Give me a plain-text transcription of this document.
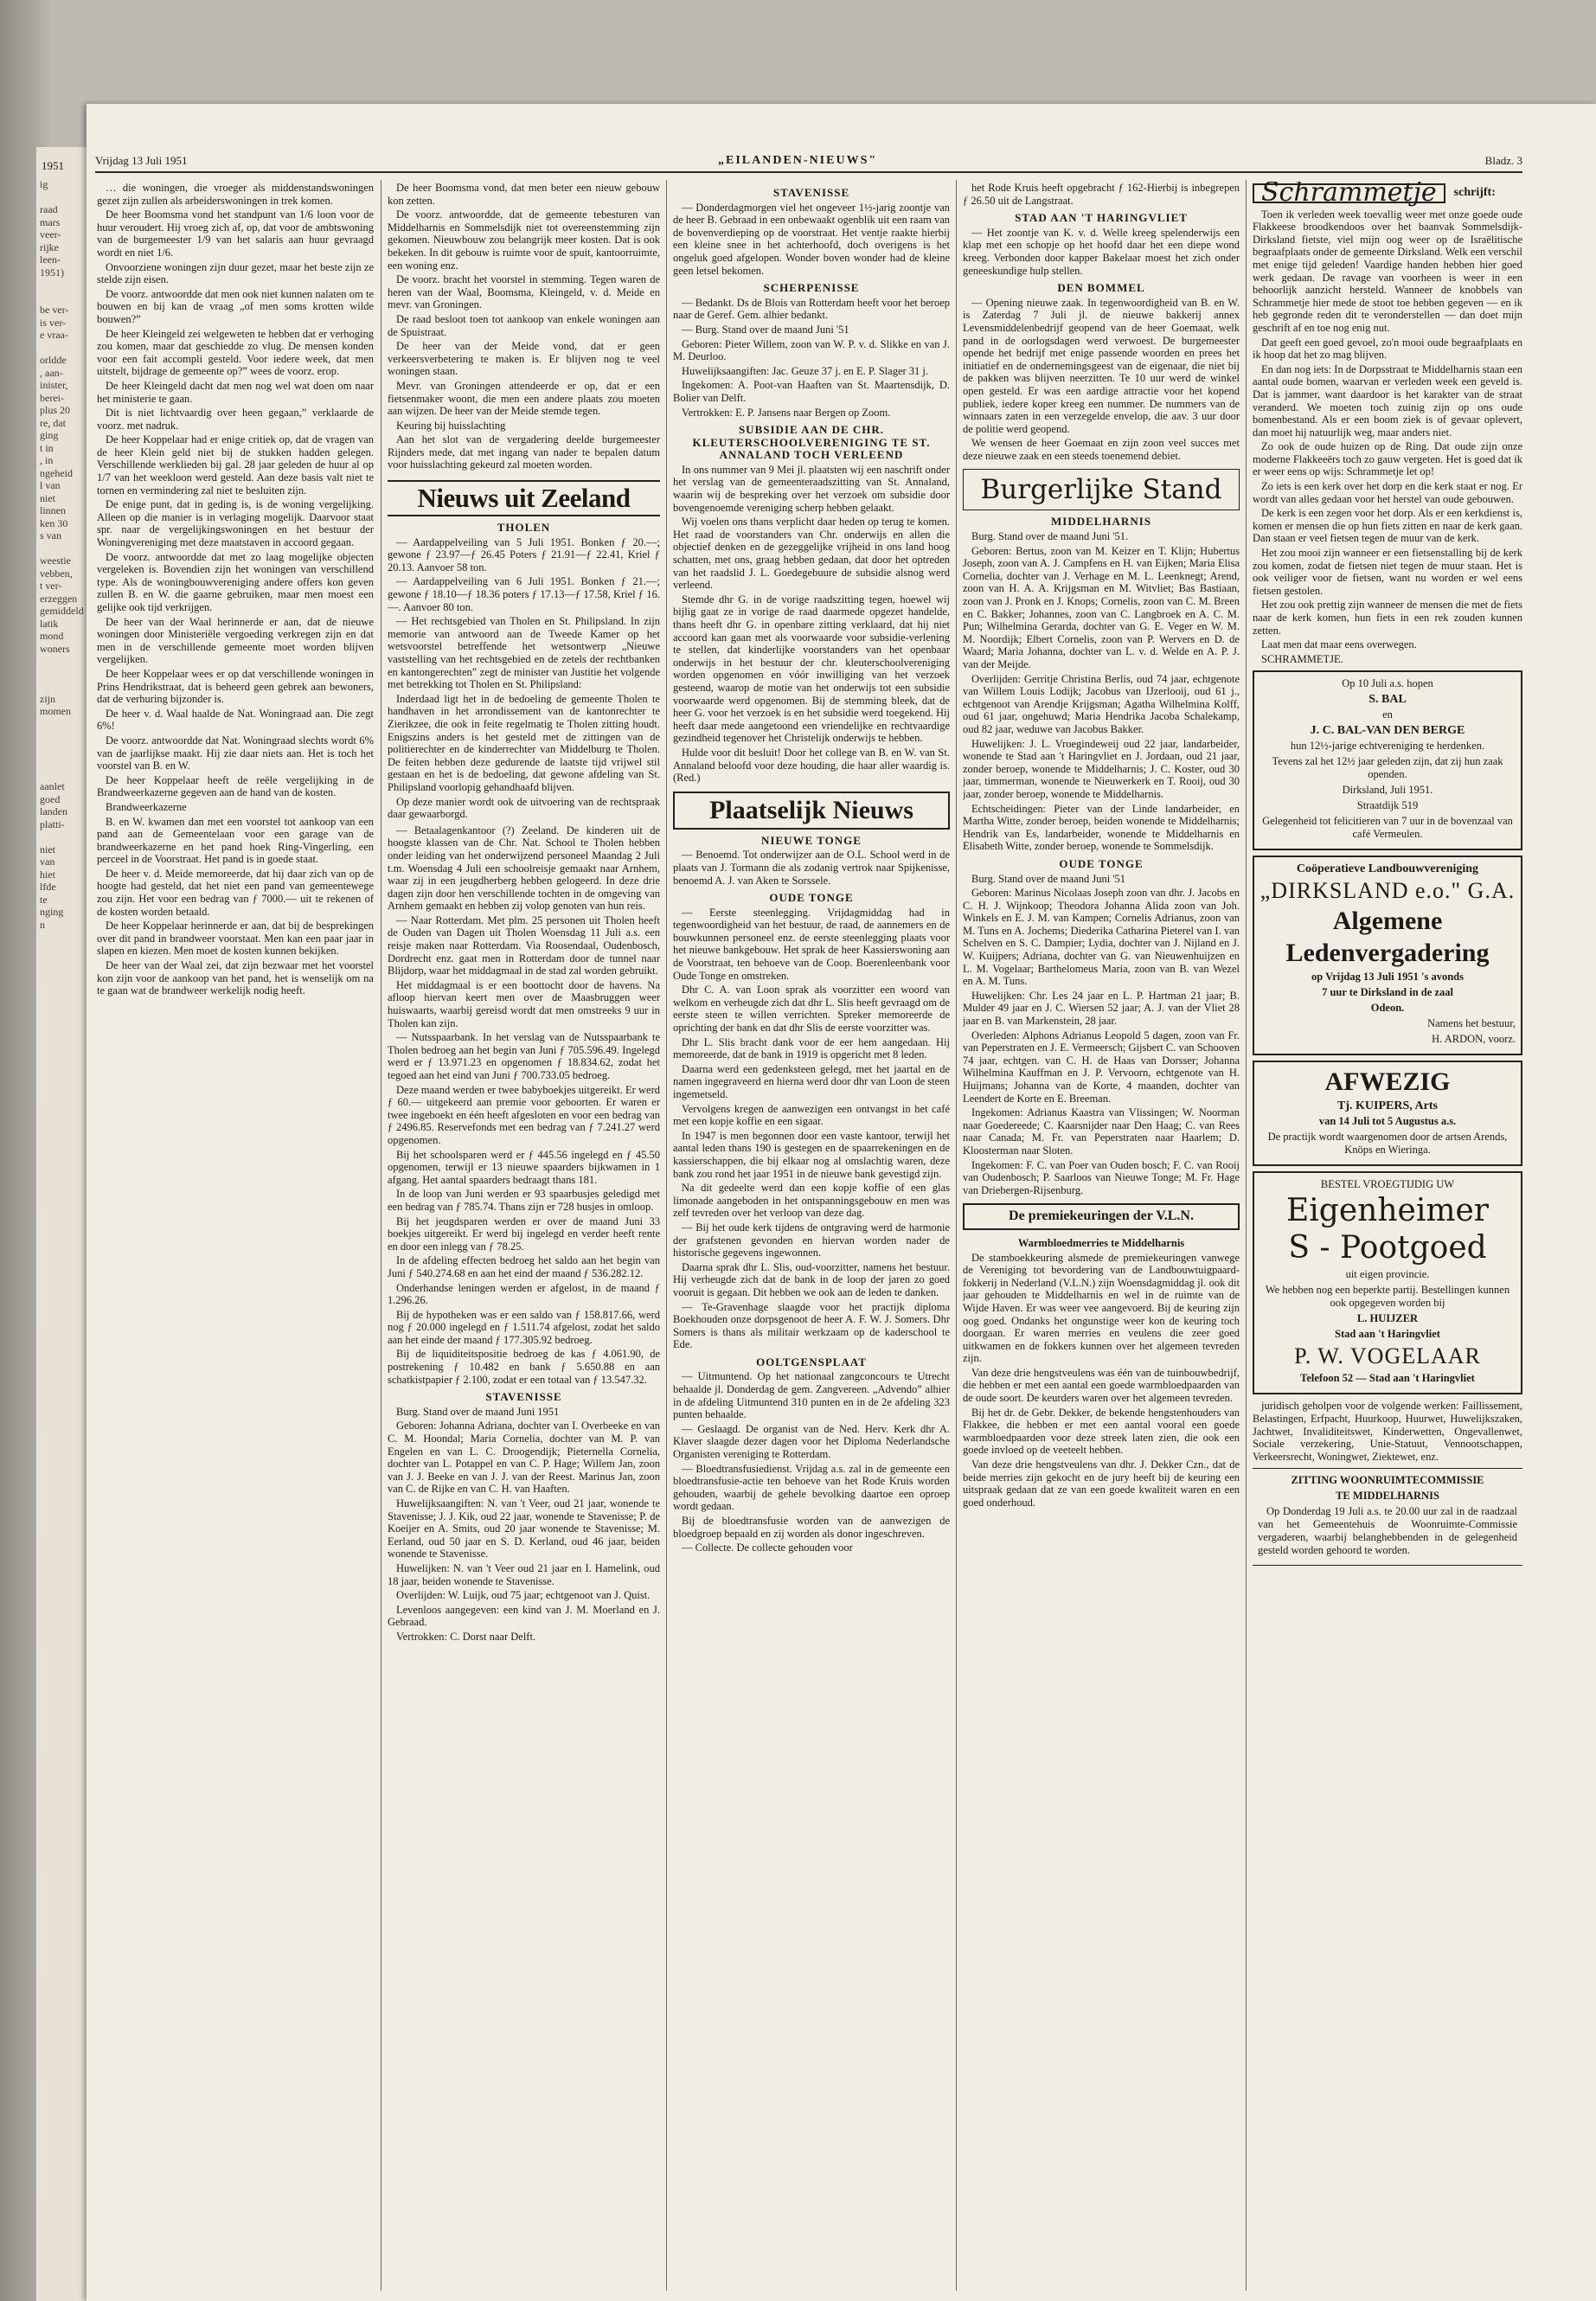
1951
ig

raad
mars
veer-
rijke
leen-
1951)

be ver-
is ver-
e vraa-

orldde
, aan-
inister,
berei-
plus 20
re, dat
ging
t in
, in
ngeheid
l van
niet
linnen
ken 30
s van

weestie
vebben,
t ver-
erzeggen
gemiddeld
latik
mond
woners

zijn
momen

aanlet
goed
landen
platti-

niet
van
hiet
lfde
te
nging
n
Vrijdag 13 Juli 1951	„EILANDEN-NIEUWS"	Bladz. 3

… die woningen, die vroeger als middenstandswoningen gezet zijn zullen als arbeiderswoningen in trek komen.

De heer Boomsma vond het standpunt van 1/6 loon voor de huur veroudert. Hij vroeg zich af, op, dat voor de ambtswoning van de burgemeester 1/9 van het salaris aan huur gevraagd wordt en niet 1/6.

Onvoorziene woningen zijn duur gezet, maar het beste zijn ze stelde zijn eisen.

De voorz. antwoordde dat men ook niet kunnen nalaten om te bouwen en bij kan de vraag „of men soms krotten wilde bouwen?”

De heer Kleingeld zei welgeweten te hebben dat er verhoging zou komen, maar dat geschiedde zo vlug. De mensen konden voor een fait accompli gesteld. Voor iedere week, dat men uitstelt, bijdrage de gemeente op?” wees de voorz. erop.

De heer Kleingeld dacht dat men nog wel wat doen om naar het ministerie te gaan.

Dit is niet lichtvaardig over heen gegaan,” verklaarde de voorz. met nadruk.

De heer Koppelaar had er enige critiek op, dat de vragen van de heer Klein geld niet bij de stukken hadden gelegen. Verschillende werklieden bij gal. 28 jaar geleden de huur al op 1/7 van het weekloon werd gesteld. Aan deze basis valt niet te tornen en vermindering zal niet te besluiten zijn.

De enige punt, dat in geding is, is de woning vergelijking. Alleen op die manier is in verlaging mogelijk. Daarvoor staat spr. naar de vergelijkingswoningen en het bestuur der Woningvereniging met deze maatstaven in accoord gegaan.

De voorz. antwoordde dat met zo laag mogelijke objecten vergeleken is. Bovendien zijn het woningen van verschillend type. Als de woningbouwvereniging andere offers kon geven zullen B. en W. die gaarne gebruiken, maar men moest een gelijke ook tijd verkrijgen.

De heer van der Waal herinnerde er aan, dat de nieuwe woningen door Ministeriële vergoeding verkregen zijn en dat men in de verschillende gemeente moet worden blijven vergelijken.

De heer Koppelaar wees er op dat verschillende woningen in Prins Hendrikstraat, dat is beheerd geen gebrek aan bewoners, dat de verhuring bijzonder is.

De heer v. d. Waal haalde de Nat. Woningraad aan. Die zegt 6%!

De voorz. antwoordde dat Nat. Woningraad slechts wordt 6% van de jaarlijkse maakt. Hij zie daar niets aan. Het is toch het voorstel van B. en W.

De heer Koppelaar heeft de reële vergelijking in de Brandweerkazerne gegeven aan de hand van de kosten.

Brandweerkazerne

B. en W. kwamen dan met een voorstel tot aankoop van een pand aan de Gemeentelaan voor een garage van de brandweerkazerne en het pand hoek Ring-Vingerling, een perceel in de Voorstraat. Het pand is in goede staat.

De heer v. d. Meide memoreerde, dat hij daar zich van op de hoogte had gesteld, dat het niet een pand van gemeentewege zou zijn. Het voor een bedrag van ƒ 7000.— uit te rekenen of de kosten worden betaald.

De heer Koppelaar herinnerde er aan, dat bij de besprekingen over dit pand in brandweer voorstaat. Men kan een paar jaar in slapen en kiezen. Men moet de kosten kunnen bekijken.

De heer van der Waal zei, dat zijn bezwaar met het voorstel kon zijn voor de aankoop van het pand, het is wenselijk om na te gaan wat de brandweer werkelijk nodig heeft.

De heer Boomsma vond, dat men beter een nieuw gebouw kon zetten.

De voorz. antwoordde, dat de gemeente tebesturen van Middelharnis en Sommelsdijk niet tot overeenstemming zijn gekomen. Nieuwbouw zou belangrijk meer kosten. Dat is ook bekeken. In dit gebouw is ruimte voor de spuit, kantoorruimte, een woning enz.

De voorz. bracht het voorstel in stemming. Tegen waren de heren van der Waal, Boomsma, Kleingeld, v. d. Meide en mevr. van Groningen.

De raad besloot toen tot aankoop van enkele woningen aan de Spuistraat.

De heer van der Meide vond, dat er geen verkeersverbetering te maken is. Er blijven nog te veel woningen staan.

Mevr. van Groningen attendeerde er op, dat er een fietsenmaker woont, die men een andere plaats zou moeten aan wijzen. De heer van der Meide stemde tegen.

Keuring bij huisslachting

Aan het slot van de vergadering deelde burgemeester Rijnders mede, dat met ingang van nader te bepalen datum voor huisslachting gekeurd zal moeten worden.

Nieuws uit Zeeland
THOLEN

— Aardappelveiling van 5 Juli 1951. Bonken ƒ 20.—; gewone ƒ 23.97—ƒ 26.45 Poters ƒ 21.91—ƒ 22.41, Kriel ƒ 20.13. Aanvoer 58 ton.

— Aardappelveiling van 6 Juli 1951. Bonken ƒ 21.—; gewone ƒ 18.10—ƒ 18.36 poters ƒ 17.13—ƒ 17.58, Kriel ƒ 16.—. Aanvoer 80 ton.

— Het rechtsgebied van Tholen en St. Philipsland. In zijn memorie van antwoord aan de Tweede Kamer op het wetsvoorstel betreffende het wetsontwerp „Nieuwe vaststelling van het rechtsgebied en de zetels der rechtbanken en kantongerechten” zegt de minister van Justitie het volgende met betrekking tot Tholen en St. Philipsland:

Inderdaad ligt het in de bedoeling de gemeente Tholen te handhaven in het arrondissement van de kantonrechter te Zierikzee, die ook in feite regelmatig te Tholen zitting houdt. Enigszins anders is het gesteld met de zittingen van de politierechter en de kinderrechter van Middelburg te Tholen. De feiten hebben deze gedurende de laatste tijd vrijwel stil gestaan en het is de bedoeling, dat gewone afdeling van St. Philipsland voorlopig gehandhaafd blijven.

Op deze manier wordt ook de uitvoering van de rechtspraak daar gewaarborgd.

— Betaalagenkantoor (?) Zeeland. De kinderen uit de hoogste klassen van de Chr. Nat. School te Tholen hebben onder leiding van het onderwijzend personeel Maandag 2 Juli t.m. Woensdag 4 Juli een schoolreisje gemaakt naar Arnhem, waar zij in een jeugdherberg hebben gelogeerd. In deze drie dagen zijn door hen verschillende tochten in de omgeving van Arnhem gemaakt en hebben zij volop genoten van hun reis.

— Naar Rotterdam. Met plm. 25 personen uit Tholen heeft de Ouden van Dagen uit Tholen Woensdag 11 Juli a.s. een reisje maken naar Rotterdam. Via Roosendaal, Oudenbosch, Dordrecht enz. gaat men in Rotterdam door de tunnel naar Blijdorp, waar het middagmaal in de stad zal worden gebruikt.

Het middagmaal is er een boottocht door de havens. Na afloop hiervan keert men over de Maasbruggen weer huiswaarts, waarbij gereisd wordt dat men omstreeks 9 uur in Tholen kan zijn.

— Nutsspaarbank. In het verslag van de Nutsspaarbank te Tholen bedroeg aan het begin van Juni ƒ 705.596.49. Ingelegd werd er ƒ 13.971.23 en opgenomen ƒ 18.834.62, zodat het tegoed aan het eind van Juni ƒ 700.733.05 bedroeg.

Deze maand werden er twee babyboekjes uitgereikt. Er werd ƒ 60.— uitgekeerd aan premie voor geboorten. Er waren er twee ingeboekt en één heeft afgesloten en voor een bedrag van ƒ 2496.85. Reservefonds met een bedrag van ƒ 7.241.27 werd opgenomen.

Bij het schoolsparen werd er ƒ 445.56 ingelegd en ƒ 45.50 opgenomen, terwijl er 13 nieuwe spaarders bijkwamen in 1 afgang. Het aantal spaarders bedraagt thans 181.

In de loop van Juni werden er 93 spaarbusjes geledigd met een bedrag van ƒ 785.74. Thans zijn er 728 busjes in omloop.

Bij het jeugdsparen werden er over de maand Juni 33 boekjes uitgereikt. Er werd bij ingelegd en verder heeft rente en door een inlegg van ƒ 78.25.

In de afdeling effecten bedroeg het saldo aan het begin van Juni ƒ 540.274.68 en aan het eind der maand ƒ 536.282.12.

Onderhandse leningen werden er afgelost, in de maand ƒ 1.296.26.

Bij de hypotheken was er een saldo van ƒ 158.817.66, werd nog ƒ 20.000 ingelegd en ƒ 1.511.74 afgelost, zodat het saldo aan het einde der maand ƒ 177.305.92 bedroeg.

Bij de liquiditeitspositie bedroeg de kas ƒ 4.061.90, de postrekening ƒ 10.482 en bank ƒ 5.650.88 en aan schatkistpapier ƒ 2.100, zodat er een totaal van ƒ 13.547.32.

STAVENISSE

Burg. Stand over de maand Juni 1951

Geboren: Johanna Adriana, dochter van I. Overbeeke en van C. M. Hoondal; Maria Cornelia, dochter van M. P. van Engelen en van L. C. Droogendijk; Pieternella Cornelia, dochter van L. Potappel en van C. P. Hage; Willem Jan, zoon van J. J. Beeke en van J. J. van der Reest. Marinus Jan, zoon van C. de Rijke en van C. H. van Haaften.

Huwelijksaangiften: N. van 't Veer, oud 21 jaar, wonende te Stavenisse; J. J. Kik, oud 22 jaar, wonende te Stavenisse; P. de Koeijer en A. Smits, oud 20 jaar wonende te Stavenisse; M. Eerland, oud 50 jaar en S. D. Kerland, oud 46 jaar, beiden wonende te Stavenisse.

Huwelijken: N. van 't Veer oud 21 jaar en I. Hamelink, oud 18 jaar, beiden wonende te Stavenisse.

Overlijden: W. Luijk, oud 75 jaar; echtgenoot van J. Quist.

Levenloos aangegeven: een kind van J. M. Moerland en J. Gebraad.

Vertrokken: C. Dorst naar Delft.

STAVENISSE

— Donderdagmorgen viel het ongeveer 1½-jarig zoontje van de heer B. Gebraad in een onbewaakt ogenblik uit een raam van de bovenverdieping op de voorstraat. Het ventje raakte hierbij een kleine snee in het achterhoofd, doch overigens is het ongeluk goed afgelopen. Wonder boven wonder had de kleine geen letsel bekomen.

SCHERPENISSE

— Bedankt. Ds de Blois van Rotterdam heeft voor het beroep naar de Geref. Gem. alhier bedankt.

— Burg. Stand over de maand Juni '51

Geboren: Pieter Willem, zoon van W. P. v. d. Slikke en van J. M. Deurloo.

Huwelijksaangiften: Jac. Geuze 37 j. en E. P. Slager 31 j.

Ingekomen: A. Poot-van Haaften van St. Maartensdijk, D. Bolier van Delft.

Vertrokken: E. P. Jansens naar Bergen op Zoom.

SUBSIDIE AAN DE CHR. KLEUTERSCHOOLVERENIGING TE ST. ANNALAND TOCH VERLEEND

In ons nummer van 9 Mei jl. plaatsten wij een naschrift onder het verslag van de gemeenteraadszitting van St. Annaland, waarin wij de bespreking over het verzoek om subsidie door bovengenoemde vereniging scherp hebben gelaakt.

Wij voelen ons thans verplicht daar heden op terug te komen. Het raad de voorstanders van Chr. onderwijs en allen die objectief denken en de gezeggelijke vrijheid in ons land hoog schatten, met ons, graag hebben gedaan, dat door het optreden van het raadslid J. L. Goedegebuure de subsidie alsnog werd verleend.

Stemde dhr G. in de vorige raadszitting tegen, hoewel wij bijlig gaat ze in vorige de raad daarmede opgezet handelde, thans heeft dhr G. in openbare zitting verklaard, dat hij niet accoord kan gaan met als voorwaarde voor subsidie-verlening te stellen, dat kinderlijke voorstanders van het openbaar onderwijs in het bestuur der chr. kleuterschoolvereniging worden opgenomen en vóór inwilliging van het verzoek gesteend, waarop de motie van het onderwijs tot een subsidie voorwaarde werd opgenomen. Bij de stemming bleek, dat de heer G. voor het verzoek is en het subsidie werd toegekend. Hij heeft daar mede aangetoond een vriendelijke en rechtvaardige gezindheid tegenover het Christelijk onderwijs te hebben.

Hulde voor dit besluit! Door het college van B. en W. van St. Annaland beloofd voor deze houding, die haar aller waardig is. (Red.)

Plaatselijk Nieuws
NIEUWE TONGE

— Benoemd. Tot onderwijzer aan de O.L. School werd in de plaats van J. Tormann die als zodanig vertrok naar Spijkenisse, benoemd A. J. van Aken te Sorssele.

OUDE TONGE

— Eerste steenlegging. Vrijdagmiddag had in tegenwoordigheid van het bestuur, de raad, de aannemers en de bouwkunnen personeel enz. de eerste steenlegging plaats voor het nieuwe bankgebouw. Het sprak de heer Kassierswoning aan de Voorstraat, ten behoeve van de Coop. Boerenleenbank voor Oude Tonge en omstreken.

Dhr C. A. van Loon sprak als voorzitter een woord van welkom en verheugde zich dat dhr L. Slis heeft gevraagd om de eerste steen te willen verrichten. Spreker memoreerde de oprichting der bank en dat dhr Slis de eerste voorzitter was.

Dhr L. Slis bracht dank voor de eer hem aangedaan. Hij memoreerde, dat de bank in 1919 is opgericht met 8 leden.

Daarna werd een gedenksteen gelegd, met het jaartal en de namen ingegraveerd en hierna werd door dhr van Loon de steen ingemetseld.

Vervolgens kregen de aanwezigen een ontvangst in het café met een kopje koffie en een sigaar.

In 1947 is men begonnen door een vaste kantoor, terwijl het aantal leden thans 190 is gestegen en de spaarrekeningen en de kassierschappen, die bij elkaar nog al omslachtig waren, deze bank zou rond het jaar 1951 in de nieuwe bank gevestigd zijn.

Na dit gedeelte werd dan een kopje koffie of een glas limonade aangeboden in het ontspanningsgebouw en men was zelf tevreden over het verloop van deze dag.

— Bij het oude kerk tijdens de ontgraving werd de harmonie der grafstenen gevonden en hiervan worden nader de historische gegevens ingewonnen.

Daarna sprak dhr L. Slis, oud-voorzitter, namens het bestuur. Hij verheugde zich dat de bank in de loop der jaren zo goed vooruit is gegaan. Dit hebben we ook aan de leden te danken.

— Te-Gravenhage slaagde voor het practijk diploma Boekhouden onze dorpsgenoot de heer A. F. W. J. Somers. Dhr Somers is thans als militair werkzaam op de kaderschool te Ede.

OOLTGENSPLAAT

— Uitmuntend. Op het nationaal zangconcours te Utrecht behaalde jl. Donderdag de gem. Zangvereen. „Advendo” alhier in de afdeling Uitmuntend 310 punten en in de 2e afdeling 323 punten behaalde.

— Geslaagd. De organist van de Ned. Herv. Kerk dhr A. Klaver slaagde dezer dagen voor het Diploma Nederlandsche Organisten vereniging te Rotterdam.

— Bloedtransfusiedienst. Vrijdag a.s. zal in de gemeente een bloedtransfusie-actie ten behoeve van het Rode Kruis worden gehouden, waarbij de gehele bevolking daartoe een oproep wordt gedaan.

Bij de bloedtransfusie worden van de aanwezigen de bloedgroep bepaald en zij worden als donor ingeschreven.

— Collecte. De collecte gehouden voor

het Rode Kruis heeft opgebracht ƒ 162-Hierbij is inbegrepen ƒ 26.50 uit de Langstraat.

STAD AAN 'T HARINGVLIET

— Het zoontje van K. v. d. Welle kreeg spelenderwijs een klap met een schopje op het hoofd daar het een diepe wond kreeg. Verbonden door kapper Bakelaar moest het zich onder geneeskundige hulp stellen.

DEN BOMMEL

— Opening nieuwe zaak. In tegenwoordigheid van B. en W. is Zaterdag 7 Juli jl. de nieuwe bakkerij annex Levensmiddelenbedrijf geopend van de heer Goemaat, welk pand in de oorlogsdagen werd verwoest. De burgemeester opende het bedrijf met enige passende woorden en prees het initiatief en de ondernemingsgeest van de eigenaar, die niet bij de pakken was blijven neerzitten. Te 10 uur werd de winkel open gesteld. Er was een aardige attractie voor het kopend publiek, iedere koper kreeg een nummer. De nummers van de winnaars zaten in een verzegelde envelop, die aav. 3 uur door de politie werd geopend.

We wensen de heer Goemaat en zijn zoon veel succes met deze nieuwe zaak en een steeds toenemend debiet.

Burgerlijke Stand
MIDDELHARNIS

Burg. Stand over de maand Juni '51.

Geboren: Bertus, zoon van M. Keizer en T. Klijn; Hubertus Joseph, zoon van A. J. Campfens en H. van Eijken; Maria Elisa Cornelia, dochter van J. Verhage en M. L. Leenknegt; Arend, zoon van H. A. A. Krijgsman en M. Witvliet; Bas Bastiaan, zoon van J. Pronk en J. Knops; Cornelis, zoon van C. M. Breen en C. Bakker; Johannes, zoon van C. Langbroek en A. C. M. Pun; Wilhelmina Gerarda, dochter van G. E. Veger en W. M. M. Noordijk; Elbert Cornelis, zoon van P. Wervers en D. de Waard; Maria Johanna, dochter van L. v. d. Welde en A. P. J. van der Meijde.

Overlijden: Gerritje Christina Berlis, oud 74 jaar, echtgenote van Willem Louis Lodijk; Jacobus van IJzerlooij, oud 61 j., echtgenoot van Arendje Krijgsman; Agatha Wilhelmina Kolff, oud 61 jaar, ongehuwd; Maria Hendrika Jacoba Schalekamp, oud 82 jaar, weduwe van Jacobus Bakker.

Huwelijken: J. L. Vroegindeweij oud 22 jaar, landarbeider, wonende te Stad aan 't Haringvliet en J. Jordaan, oud 21 jaar, zonder beroep, wonende te Middelharnis; J. C. Koster, oud 30 jaar, timmerman, wonende te Nieuwerkerk en T. Rooij, oud 30 jaar, zonder beroep, wonende te Middelharnis.

Echtscheidingen: Pieter van der Linde landarbeider, en Martha Witte, zonder beroep, beiden wonende te Middelharnis; Hendrik van Es, landarbeider, wonende te Middelharnis en Elisabeth Witte, zonder beroep, wonende te Sommelsdijk.

OUDE TONGE

Burg. Stand over de maand Juni '51

Geboren: Marinus Nicolaas Joseph zoon van dhr. J. Jacobs en C. H. J. Wijnkoop; Theodora Johanna Alida zoon van Joh. Winkels en E. J. M. van Kampen; Cornelis Adrianus, zoon van M. Tuns en A. Jochems; Diederika Catharina Pieterel van I. van Schelven en S. C. Dampier; Lydia, dochter van J. Nijland en J. W. Kuijpers; Adriana, dochter van G. van Nieuwenhuijzen en L. M. Vogelaar; Barthelomeus Maria, zoon van B. van Wezel en A. M. Tuns.

Huwelijken: Chr. Les 24 jaar en L. P. Hartman 21 jaar; B. Mulder 49 jaar en J. C. Wiersen 52 jaar; A. J. van der Vliet 28 jaar en B. van Markenstein, 28 jaar.

Overleden: Alphons Adrianus Leopold 5 dagen, zoon van Fr. van Peperstraten en J. E. Vermeersch; Gijsbert C. van Schooven 74 jaar, echtgen. van C. H. de Haas van Dorsser; Johanna Wilhelmina Kauffman en J. P. Vervoorn, echtgenote van H. Huijmans; Johanna van de Korte, 4 maanden, dochter van Leendert de Korte en E. Breeman.

Ingekomen: Adrianus Kaastra van Vlissingen; W. Noorman naar Goedereede; C. Kaarsnijder naar Den Haag; C. van Rees naar Canada; M. Fr. van Peperstraten naar Haarlem; D. Kloosterman naar Sloten.

Ingekomen: F. C. van Poer van Ouden bosch; F. C. van Rooij van Oudenbosch; P. Saarloos van Nieuwe Tonge; M. Fr. Hage van Driebergen-Rijsenburg.

De premiekeuringen der V.L.N.
Warmbloedmerries te Middelharnis

De stamboekkeuring alsmede de premiekeuringen vanwege de Vereniging tot bevordering van de Landbouwtuigpaard-fokkerij in Nederland (V.L.N.) zijn Woensdagmiddag jl. ook dit jaar gehouden te Middelharnis en wel in de ruimte van de Wijde Haven. Er was weer vee aangevoerd. Bij de keuring zijn oog goed. Ondanks het ongunstige weer kon de keuring toch doorgaan. Er waren merries en veulens die zeer goed uitkwamen en de fokkers kunnen over het algemeen tevreden zijn.

Van deze drie hengstveulens was één van de tuinbouwbedrijf, die hebben er met een aantal een goede warmbloedpaarden van de oude soort. De keurders waren over het algemeen tevreden.

Bij het dr. de Gebr. Dekker, de bekende hengstenhouders van Flakkee, die hebben er met een aantal vooral een goede warmbloedpaarden voor deze streek laten zien, die ook een goede invloed op de veeteelt hebben.

Van deze drie hengstveulens van dhr. J. Dekker Czn., dat de beide merries zijn gekocht en de jury heeft bij de keuring een uitspraak gedaan dat ze van een goede kwaliteit waren en een goed onderhoud.

Schrammetje	schrijft:

Toen ik verleden week toevallig weer met onze goede oude Flakkeese broodkendoos over het baanvak Sommelsdijk-Dirksland fietste, viel mijn oog weer op de Israëlitische begraafplaats onder de gemeente Dirksland. Welk een verschil met enige tijd geleden! Vaardige handen hebben hier goed werk gedaan. De ravage van voorheen is weer in een behoorlijk aanzicht hersteld. Wanneer de knobbels van Schrammetje hier mede de stoot toe hebben gegeven — en ik heb gegronde reden dit te veronderstellen — dan doet mijn geschrift af en toe nog enig nut.

Dat geeft een goed gevoel, zo'n mooi oude begraafplaats en ik hoop dat het zo mag blijven.

En dan nog iets: In de Dorpsstraat te Middelharnis staan een aantal oude bomen, waarvan er verleden week een geveld is. Dat is jammer, want daardoor is het karakter van de straat veranderd. We moeten toch zuinig zijn op ons oude bomenbestand. Als er een boom ziek is of gevaar oplevert, dan moet hij natuurlijk weg, maar anders niet.

Zo ook de oude huizen op de Ring. Dat oude zijn onze moderne Flakkeeërs toch zo gauw vergeten. Het is goed dat ik er weer eens op wijs: Schrammetje let op!

Zo iets is een kerk over het dorp en die kerk staat er nog. Er wordt van alles gedaan voor het herstel van oude gebouwen.

De kerk is een zegen voor het dorp. Als er een kerkdienst is, komen er mensen die op hun fiets zitten en naar de kerk gaan. Dan staan er veel fietsen tegen de muur van de kerk.

Het zou mooi zijn wanneer er een fietsenstalling bij de kerk zou komen, zodat de fietsen niet tegen de muur staan. Het is ook veiliger voor de fietsen, want nu worden er wel eens fietsen gestolen.

Het zou ook prettig zijn wanneer de mensen die met de fiets naar de kerk komen, hun fiets in een rek zouden kunnen zetten.

Laat men dat maar eens overwegen.

SCHRAMMETJE.

Op 10 Juli a.s. hopen

S. BAL

en

J. C. BAL-VAN DEN BERGE

hun 12½-jarige echtvereniging te herdenken.

Tevens zal het 12½ jaar geleden zijn, dat zij hun zaak openden.

Dirksland, Juli 1951.

Straatdijk 519

Gelegenheid tot felicitieren van 7 uur in de bovenzaal van café Vermeulen.

Coöperatieve Landbouwvereniging

„DIRKSLAND e.o." G.A.

Algemene

Ledenvergadering

op Vrijdag 13 Juli 1951 's avonds

7 uur te Dirksland in de zaal

Odeon.

Namens het bestuur,

H. ARDON, voorz.

AFWEZIG

Tj. KUIPERS, Arts

van 14 Juli tot 5 Augustus a.s.

De practijk wordt waargenomen door de artsen Arends, Knöps en Wieringa.

BESTEL VROEGTIJDIG UW

Eigenheimer

S - Pootgoed

uit eigen provincie.

We hebben nog een beperkte partij. Bestellingen kunnen ook opgegeven worden bij

L. HUIJZER

Stad aan 't Haringvliet

P. W. VOGELAAR

Telefoon 52 — Stad aan 't Haringvliet

juridisch geholpen voor de volgende werken: Faillissement, Belastingen, Erfpacht, Huurkoop, Huurwet, Huwelijkszaken, Jachtwet, Invaliditeitswet, Kinderwetten, Ongevallenwet, Sociale verzekering, Unie-Statuut, Vennootschappen, Verkeersrecht, Woningwet, Ziektewet, enz.

ZITTING WOONRUIMTECOMMISSIE

TE MIDDELHARNIS

Op Donderdag 19 Juli a.s. te 20.00 uur zal in de raadzaal van het Gemeentehuis de Woonruimte-Commissie vergaderen, waarbij belanghebbenden in de gelegenheid gesteld worden gehoord te worden.
